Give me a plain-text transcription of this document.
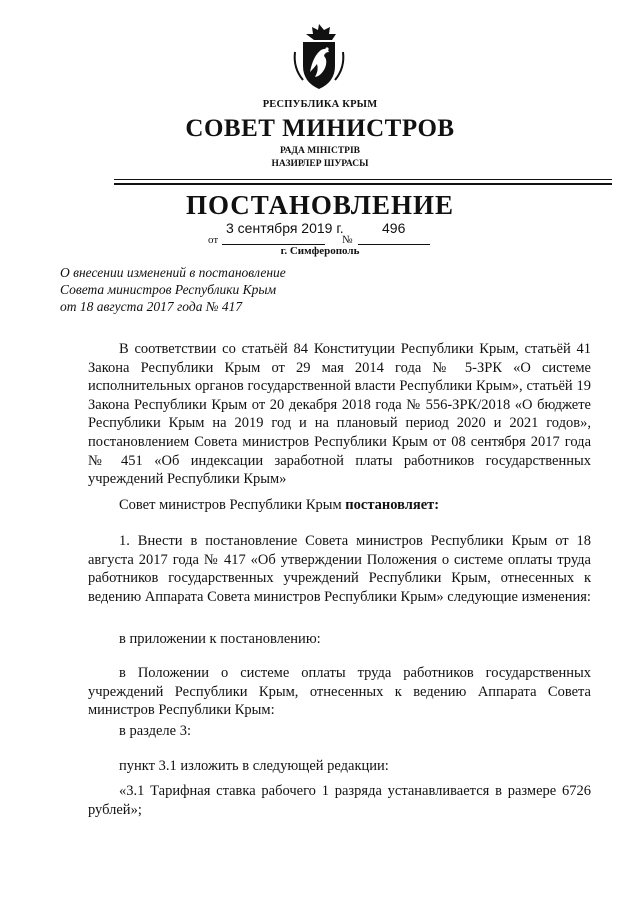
РЕСПУБЛИКА КРЫМ
СОВЕТ МИНИСТРОВ
РАДА МІНІСТРІВ
НАЗИРЛЕР ШУРАСЫ
ПОСТАНОВЛЕНИЕ
от
3 сентября 2019 г.
№
496
г. Симферополь
О внесении изменений в постановление
Совета министров Республики Крым
от 18 августа 2017 года № 417
В соответствии со статьёй 84 Конституции Республики Крым, статьёй 41 Закона Республики Крым от 29 мая 2014 года № 5-ЗРК «О системе исполнительных органов государственной власти Республики Крым», статьёй 19 Закона Республики Крым от 20 декабря 2018 года № 556-ЗРК/2018 «О бюджете Республики Крым на 2019 год и на плановый период 2020 и 2021 годов», постановлением Совета министров Республики Крым от 08 сентября 2017 года № 451 «Об индексации заработной платы работников государственных учреждений Республики Крым»
Совет министров Республики Крым постановляет:
1. Внести в постановление Совета министров Республики Крым от 18 августа 2017 года № 417 «Об утверждении Положения о системе оплаты труда работников государственных учреждений Республики Крым, отнесенных к ведению Аппарата Совета министров Республики Крым» следующие изменения:
в приложении к постановлению:
в Положении о системе оплаты труда работников государственных учреждений Республики Крым, отнесенных к ведению Аппарата Совета министров Республики Крым:
в разделе 3:
пункт 3.1 изложить в следующей редакции:
«3.1 Тарифная ставка рабочего 1 разряда устанавливается в размере 6726 рублей»;
